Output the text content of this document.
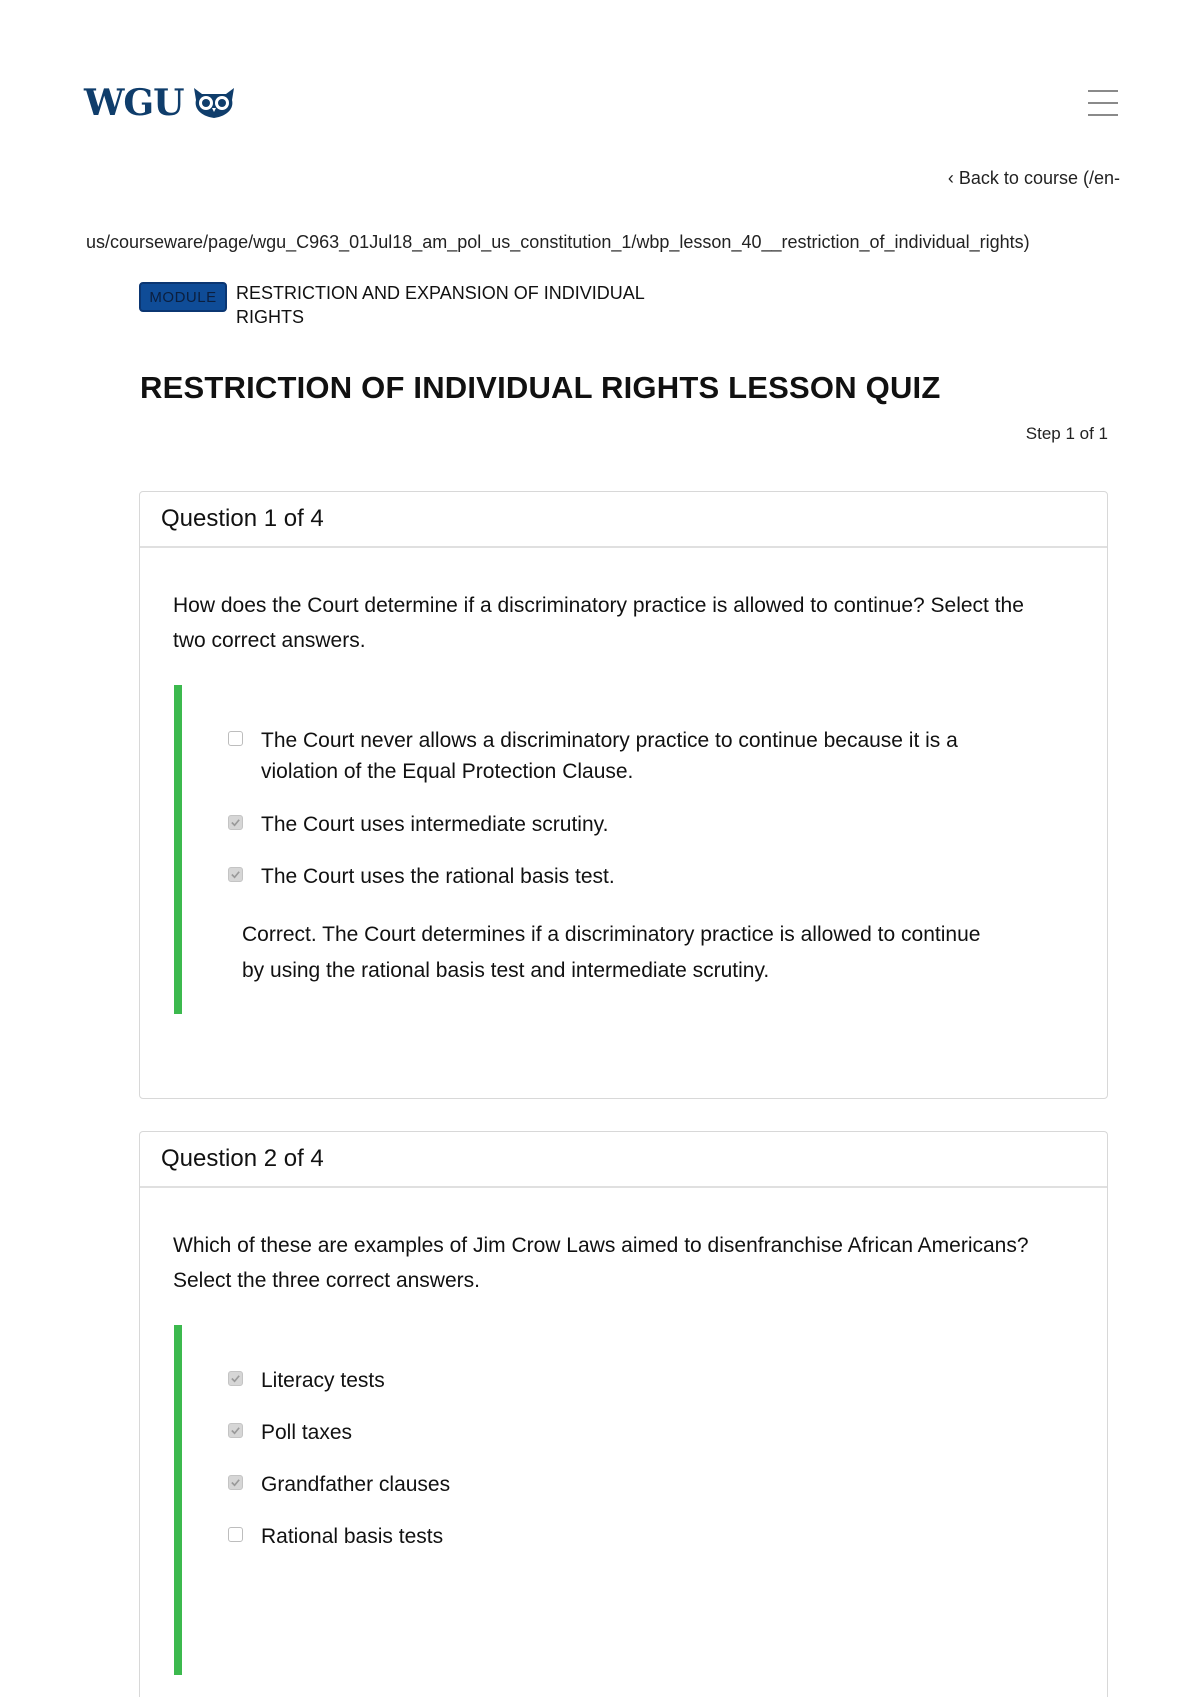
WGU
‹ Back to course (/en-
us/courseware/page/wgu_C963_01Jul18_am_pol_us_constitution_1/wbp_lesson_40__restriction_of_individual_rights)
MODULE	RESTRICTION AND EXPANSION OF INDIVIDUAL RIGHTS
RESTRICTION OF INDIVIDUAL RIGHTS LESSON QUIZ
Step 1 of 1
Question 1 of 4
How does the Court determine if a discriminatory practice is allowed to continue? Select the two correct answers.
The Court never allows a discriminatory practice to continue because it is a violation of the Equal Protection Clause.
The Court uses intermediate scrutiny.
The Court uses the rational basis test.
Correct. The Court determines if a discriminatory practice is allowed to continue by using the rational basis test and intermediate scrutiny.
Question 2 of 4
Which of these are examples of Jim Crow Laws aimed to disenfranchise African Americans? Select the three correct answers.
Literacy tests
Poll taxes
Grandfather clauses
Rational basis tests
